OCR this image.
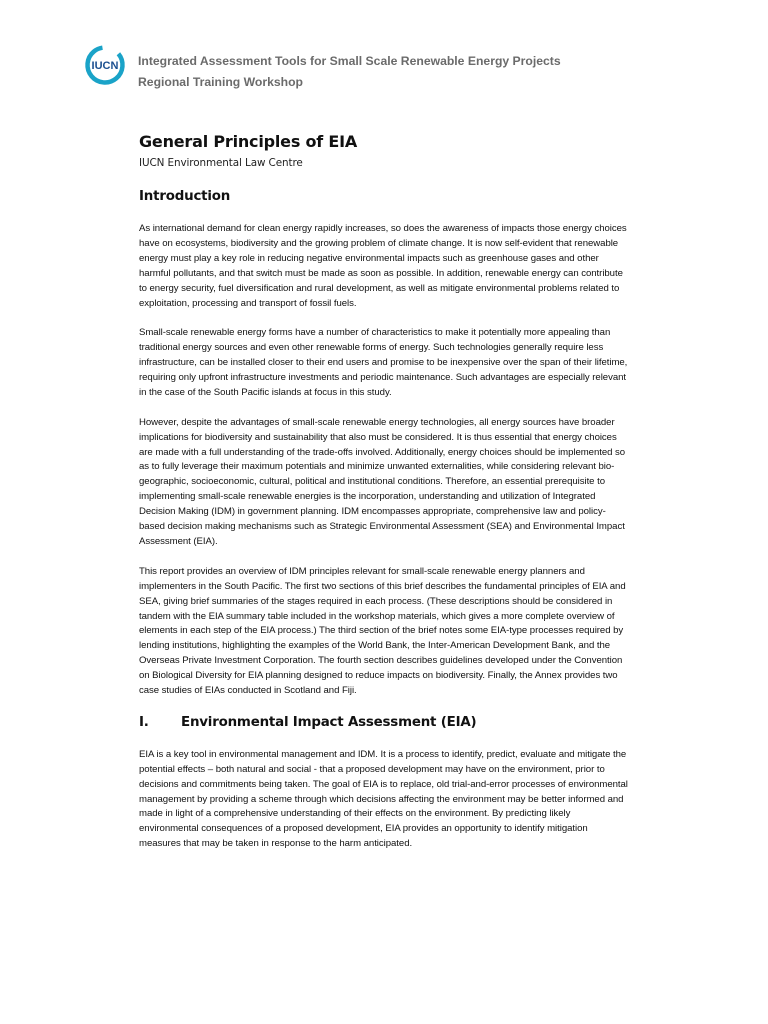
IUCN Integrated Assessment Tools for Small Scale Renewable Energy Projects
Regional Training Workshop
General Principles of EIA
IUCN Environmental Law Centre
Introduction

As international demand for clean energy rapidly increases, so does the awareness of impacts those energy choices have on ecosystems, biodiversity and the growing problem of climate change. It is now self-evident that renewable energy must play a key role in reducing negative environmental impacts such as greenhouse gases and other harmful pollutants, and that switch must be made as soon as possible. In addition, renewable energy can contribute to energy security, fuel diversification and rural development, as well as mitigate environmental problems related to exploitation, processing and transport of fossil fuels.

Small-scale renewable energy forms have a number of characteristics to make it potentially more appealing than traditional energy sources and even other renewable forms of energy. Such technologies generally require less infrastructure, can be installed closer to their end users and promise to be inexpensive over the span of their lifetime, requiring only upfront infrastructure investments and periodic maintenance. Such advantages are especially relevant in the case of the South Pacific islands at focus in this study.

However, despite the advantages of small-scale renewable energy technologies, all energy sources have broader implications for biodiversity and sustainability that also must be considered. It is thus essential that energy choices are made with a full understanding of the trade-offs involved. Additionally, energy choices should be implemented so as to fully leverage their maximum potentials and minimize unwanted externalities, while considering relevant bio-geographic, socioeconomic, cultural, political and institutional conditions. Therefore, an essential prerequisite to implementing small-scale renewable energies is the incorporation, understanding and utilization of Integrated Decision Making (IDM) in government planning. IDM encompasses appropriate, comprehensive law and policy-based decision making mechanisms such as Strategic Environmental Assessment (SEA) and Environmental Impact Assessment (EIA).

This report provides an overview of IDM principles relevant for small-scale renewable energy planners and implementers in the South Pacific. The first two sections of this brief describes the fundamental principles of EIA and SEA, giving brief summaries of the stages required in each process. (These descriptions should be considered in tandem with the EIA summary table included in the workshop materials, which gives a more complete overview of elements in each step of the EIA process.) The third section of the brief notes some EIA-type processes required by lending institutions, highlighting the examples of the World Bank, the Inter-American Development Bank, and the Overseas Private Investment Corporation. The fourth section describes guidelines developed under the Convention on Biological Diversity for EIA planning designed to reduce impacts on biodiversity. Finally, the Annex provides two case studies of EIAs conducted in Scotland and Fiji.

I.	Environmental Impact Assessment (EIA)

EIA is a key tool in environmental management and IDM. It is a process to identify, predict, evaluate and mitigate the potential effects – both natural and social - that a proposed development may have on the environment, prior to decisions and commitments being taken. The goal of EIA is to replace, old trial-and-error processes of environmental management by providing a scheme through which decisions affecting the environment may be better informed and made in light of a comprehensive understanding of their effects on the environment. By predicting likely environmental consequences of a proposed development, EIA provides an opportunity to identify mitigation measures that may be taken in response to the harm anticipated.
